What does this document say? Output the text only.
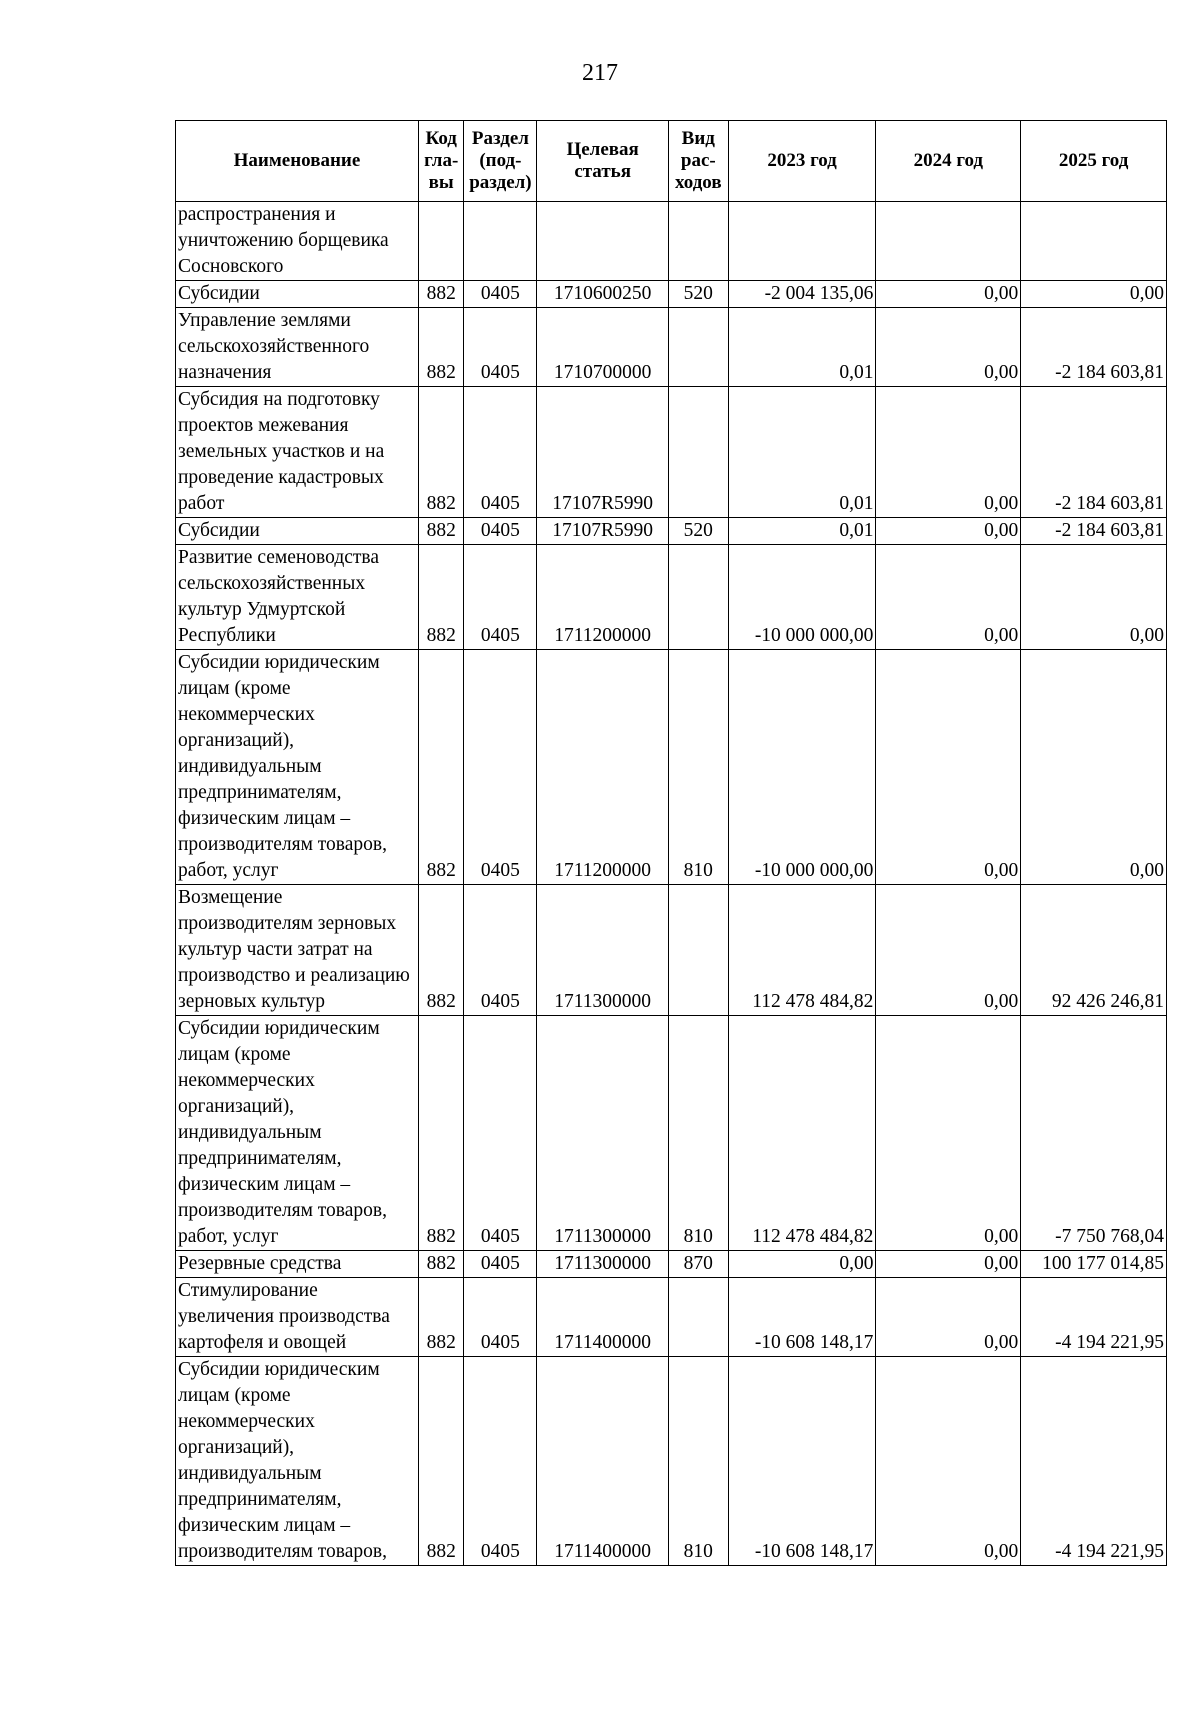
217
Наименование	Код гла-вы	Раздел (под-раздел)	Целевая статья	Вид рас-ходов	2023 год	2024 год	2025 год
распространения и уничтожению борщевика Сосновского							
Субсидии	882	0405	1710600250	520	-2 004 135,06	0,00	0,00
Управление землями сельскохозяйственного назначения	882	0405	1710700000		0,01	0,00	-2 184 603,81
Субсидия на подготовку проектов межевания земельных участков и на проведение кадастровых работ	882	0405	17107R5990		0,01	0,00	-2 184 603,81
Субсидии	882	0405	17107R5990	520	0,01	0,00	-2 184 603,81
Развитие семеноводства сельскохозяйственных культур Удмуртской Республики	882	0405	1711200000		-10 000 000,00	0,00	0,00
Субсидии юридическим лицам (кроме некоммерческих организаций), индивидуальным предпринимателям, физическим лицам – производителям товаров, работ, услуг	882	0405	1711200000	810	-10 000 000,00	0,00	0,00
Возмещение производителям зерновых культур части затрат на производство и реализацию зерновых культур	882	0405	1711300000		112 478 484,82	0,00	92 426 246,81
Субсидии юридическим лицам (кроме некоммерческих организаций), индивидуальным предпринимателям, физическим лицам – производителям товаров, работ, услуг	882	0405	1711300000	810	112 478 484,82	0,00	-7 750 768,04
Резервные средства	882	0405	1711300000	870	0,00	0,00	100 177 014,85
Стимулирование увеличения производства картофеля и овощей	882	0405	1711400000		-10 608 148,17	0,00	-4 194 221,95
Субсидии юридическим лицам (кроме некоммерческих организаций), индивидуальным предпринимателям, физическим лицам – производителям товаров,	882	0405	1711400000	810	-10 608 148,17	0,00	-4 194 221,95
